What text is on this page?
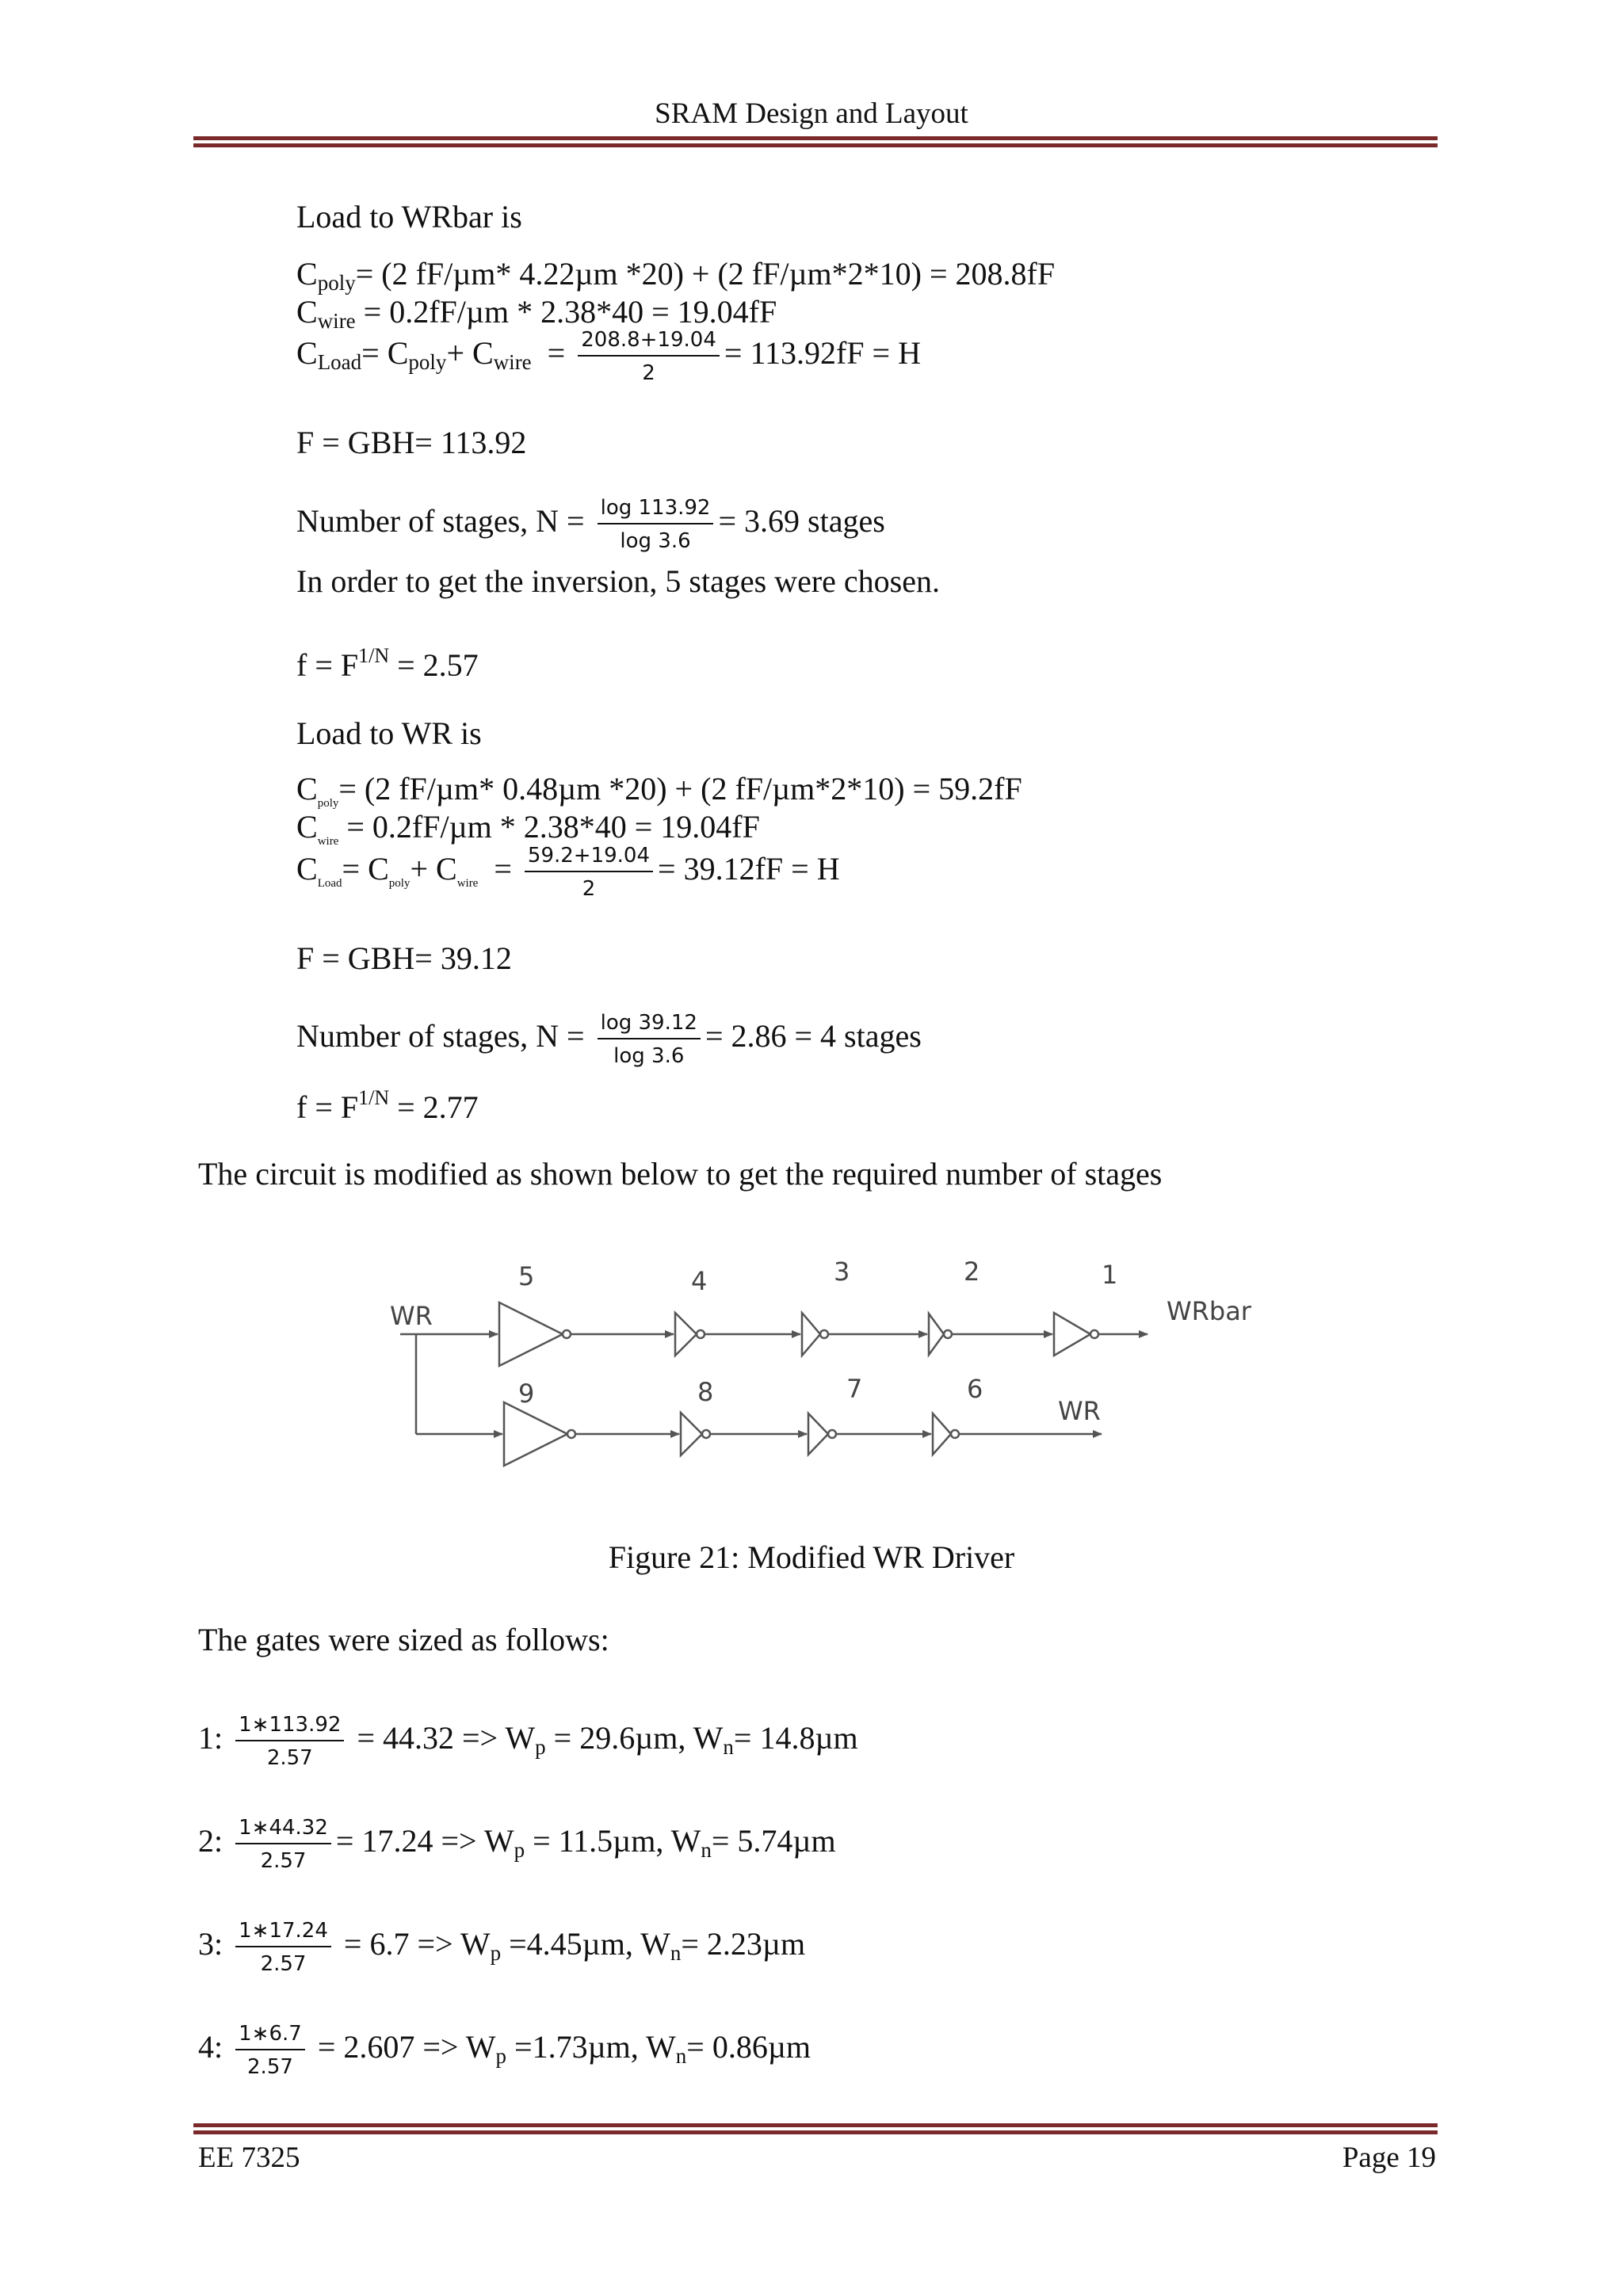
SRAM Design and Layout
Load to WRbar is
$C_{poly}= (2$ fF/µm* 4.22µm *20) + (2 fF/µm*2*10) = 208.8fF
$C_{wire} = 0.2fF/\mu m * 2.38*40 = 19.04fF$
$C_{Load}= C_{poly}+ C_{wire} = \frac{208.8+19.04}{2} = 113.92fF = H$
F = GBH= 113.92
Number of stages, $N = \frac{\log 113.92}{\log 3.6} = 3.69$ stages
In order to get the inversion, 5 stages were chosen.
$f = F^{1/N} = 2.57$
Load to WR is
$C_{poly}= (2$ fF/µm* 0.48µm *20) + (2 fF/µm*2*10) = 59.2fF
$C_{wire} = 0.2fF/\mu m * 2.38*40 = 19.04fF$
$C_{Load}= C_{poly}+ C_{wire} = \frac{59.2+19.04}{2} = 39.12fF = H$
F = GBH= 39.12
Number of stages, $N = \frac{\log 39.12}{\log 3.6} = 2.86 = 4$ stages
$f = F^{1/N} = 2.77$
The circuit is modified as shown below to get the required number of stages
WR	WRbar
WR
5	4	3	2	1
9	8	7	6
Figure 21: Modified WR Driver
The gates were sized as follows:
1: $\frac{1∗113.92}{2.57} = 44.32 => W_p = 29.6\mu m$, $W_n= 14.8\mu m$
2: $\frac{1∗44.32}{2.57} = 17.24 => W_p = 11.5\mu m$, $W_n= 5.74\mu m$
3: $\frac{1∗17.24}{2.57} = 6.7 => W_p =4.45\mu m$, $W_n= 2.23\mu m$
4: $\frac{1∗6.7}{2.57} = 2.607 => W_p =1.73\mu m$, $W_n= 0.86\mu m$
EE 7325	Page 19
